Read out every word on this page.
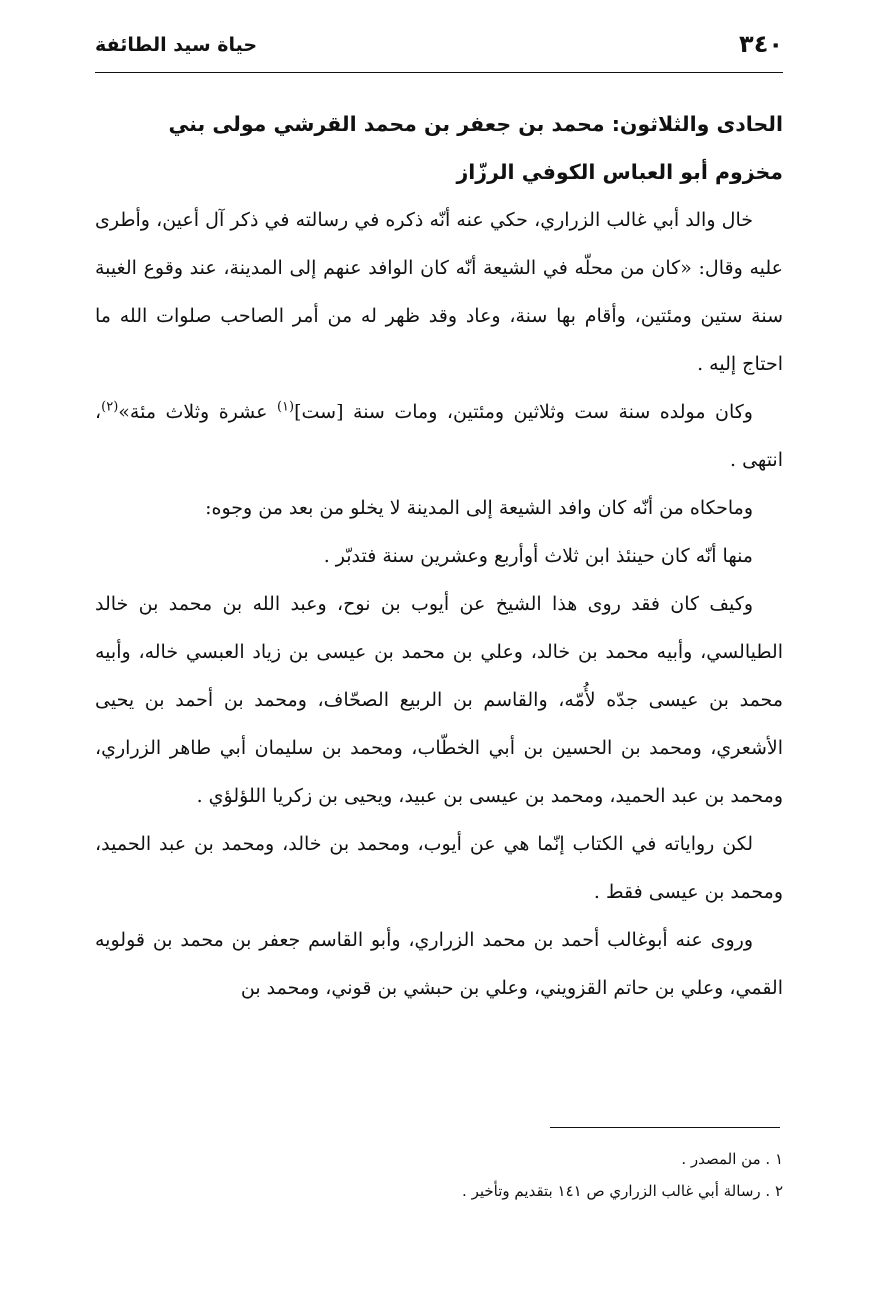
٣٤٠
حياة سيد الطائفة
الحادى والثلاثون: محمد بن جعفر بن محمد القرشي مولى بني مخزوم أبو العباس الكوفي الرزّاز

خال والد أبي غالب الزراري، حكي عنه أنّه ذكره في رسالته في ذكر آل أعين، وأطرى عليه وقال: «كان من محلّه في الشيعة أنّه كان الوافد عنهم إلى المدينة، عند وقوع الغيبة سنة ستين ومئتين، وأقام بها سنة، وعاد وقد ظهر له من أمر الصاحب صلوات الله ما احتاج إليه .

وكان مولده سنة ست وثلاثين ومئتين، ومات سنة [ست]$^{(١)}$ عشرة وثلاث مئة»$^{(٢)}$، انتهى .

وماحكاه من أنّه كان وافد الشيعة إلى المدينة لا يخلو من بعد من وجوه:

منها أنّه كان حينئذ ابن ثلاث أوأربع وعشرين سنة فتدبّر .

وكيف كان فقد روى هذا الشيخ عن أيوب بن نوح، وعبد الله بن محمد بن خالد الطيالسي، وأبيه محمد بن خالد، وعلي بن محمد بن عيسى بن زياد العبسي خاله، وأبيه محمد بن عيسى جدّه لأُمّه، والقاسم بن الربيع الصحّاف، ومحمد بن أحمد بن يحيى الأشعري، ومحمد بن الحسين بن أبي الخطّاب، ومحمد بن سليمان أبي طاهر الزراري، ومحمد بن عبد الحميد، ومحمد بن عيسى بن عبيد، ويحيى بن زكريا اللؤلؤي .

لكن رواياته في الكتاب إنّما هي عن أيوب، ومحمد بن خالد، ومحمد بن عبد الحميد، ومحمد بن عيسى فقط .

وروى عنه أبوغالب أحمد بن محمد الزراري، وأبو القاسم جعفر بن محمد بن قولويه القمي، وعلي بن حاتم القزويني، وعلي بن حبشي بن قوني، ومحمد بن

١ . من المصدر .

٢ . رسالة أبي غالب الزراري ص ١٤١ بتقديم وتأخير .
